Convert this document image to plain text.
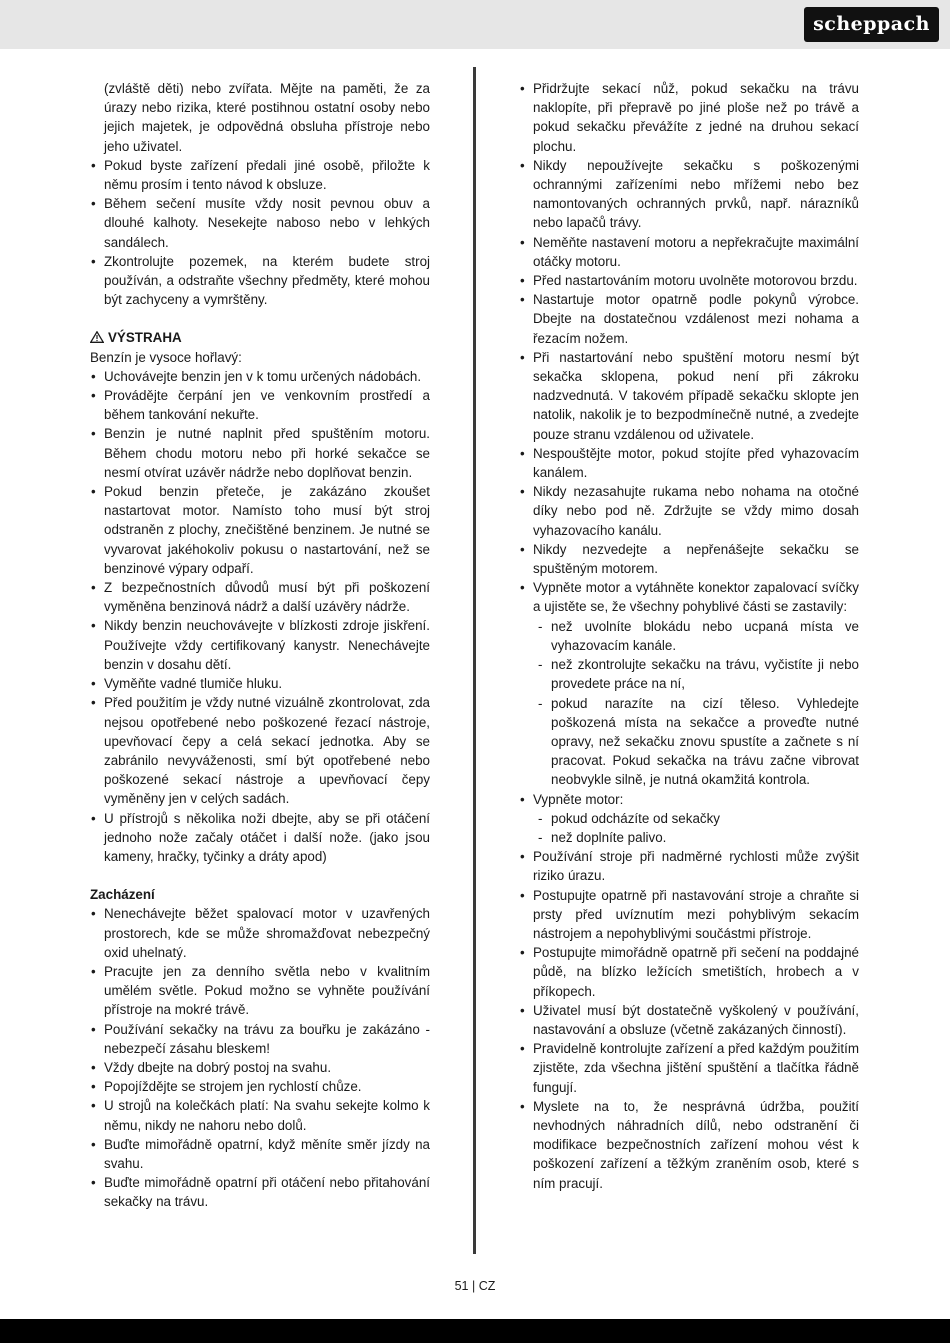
scheppach

(zvláště děti) nebo zvířata. Mějte na paměti, že za úrazy nebo rizika, které postihnou ostatní osoby nebo jejich majetek, je odpovědná obsluha přístroje nebo jeho uživatel.

• Pokud byste zařízení předali jiné osobě, přiložte k němu prosím i tento návod k obsluze.

• Během sečení musíte vždy nosit pevnou obuv a dlouhé kalhoty. Nesekejte naboso nebo v lehkých sandálech.

• Zkontrolujte pozemek, na kterém budete stroj používán, a odstraňte všechny předměty, které mohou být zachyceny a vymrštěny.

VÝSTRAHA

Benzín je vysoce hořlavý:

• Uchovávejte benzin jen v k tomu určených nádobách.

• Provádějte čerpání jen ve venkovním prostředí a během tankování nekuřte.

• Benzin je nutné naplnit před spuštěním motoru. Během chodu motoru nebo při horké sekačce se nesmí otvírat uzávěr nádrže nebo doplňovat benzin.

• Pokud benzin přeteče, je zakázáno zkoušet nastartovat motor. Namísto toho musí být stroj odstraněn z plochy, znečištěné benzinem. Je nutné se vyvarovat jakéhokoliv pokusu o nastartování, než se benzinové výpary odpaří.

• Z bezpečnostních důvodů musí být při poškození vyměněna benzinová nádrž a další uzávěry nádrže.

• Nikdy benzin neuchovávejte v blízkosti zdroje jiskření. Používejte vždy certifikovaný kanystr. Nenechávejte benzin v dosahu dětí.

• Vyměňte vadné tlumiče hluku.

• Před použitím je vždy nutné vizuálně zkontrolovat, zda nejsou opotřebené nebo poškozené řezací nástroje, upevňovací čepy a celá sekací jednotka. Aby se zabránilo nevyváženosti, smí být opotřebené nebo poškozené sekací nástroje a upevňovací čepy vyměněny jen v celých sadách.

• U přístrojů s několika noži dbejte, aby se při otáčení jednoho nože začaly otáčet i další nože. (jako jsou kameny, hračky, tyčinky a dráty apod)

Zacházení

• Nenechávejte běžet spalovací motor v uzavřených prostorech, kde se může shromažďovat nebezpečný oxid uhelnatý.

• Pracujte jen za denního světla nebo v kvalitním umělém světle. Pokud možno se vyhněte používání přístroje na mokré trávě.

• Používání sekačky na trávu za bouřku je zakázáno - nebezpečí zásahu bleskem!

• Vždy dbejte na dobrý postoj na svahu.

• Popojíždějte se strojem jen rychlostí chůze.

• U strojů na kolečkách platí: Na svahu sekejte kolmo k němu, nikdy ne nahoru nebo dolů.

• Buďte mimořádně opatrní, když měníte směr jízdy na svahu.

• Buďte mimořádně opatrní při otáčení nebo přitahování sekačky na trávu.

• Přidržujte sekací nůž, pokud sekačku na trávu naklopíte, při přepravě po jiné ploše než po trávě a pokud sekačku převážíte z jedné na druhou sekací plochu.

• Nikdy nepoužívejte sekačku s poškozenými ochrannými zařízeními nebo mřížemi nebo bez namontovaných ochranných prvků, např. nárazníků nebo lapačů trávy.

• Neměňte nastavení motoru a nepřekračujte maximální otáčky motoru.

• Před nastartováním motoru uvolněte motorovou brzdu.

• Nastartuje motor opatrně podle pokynů výrobce. Dbejte na dostatečnou vzdálenost mezi nohama a řezacím nožem.

• Při nastartování nebo spuštění motoru nesmí být sekačka sklopena, pokud není při zákroku nadzvednutá. V takovém případě sekačku sklopte jen natolik, nakolik je to bezpodmínečně nutné, a zvedejte pouze stranu vzdálenou od uživatele.

• Nespouštějte motor, pokud stojíte před vyhazovacím kanálem.

• Nikdy nezasahujte rukama nebo nohama na otočné díky nebo pod ně. Zdržujte se vždy mimo dosah vyhazovacího kanálu.

• Nikdy nezvedejte a nepřenášejte sekačku se spuštěným motorem.

• Vypněte motor a vytáhněte konektor zapalovací svíčky a ujistěte se, že všechny pohyblivé části se zastavily:

- než uvolníte blokádu nebo ucpaná místa ve vyhazovacím kanále.

- než zkontrolujte sekačku na trávu, vyčistíte ji nebo provedete práce na ní,

- pokud narazíte na cizí těleso. Vyhledejte poškozená místa na sekačce a proveďte nutné opravy, než sekačku znovu spustíte a začnete s ní pracovat. Pokud sekačka na trávu začne vibrovat neobvykle silně, je nutná okamžitá kontrola.

• Vypněte motor:

- pokud odcházíte od sekačky

- než doplníte palivo.

• Používání stroje při nadměrné rychlosti může zvýšit riziko úrazu.

• Postupujte opatrně při nastavování stroje a chraňte si prsty před uvíznutím mezi pohyblivým sekacím nástrojem a nepohyblivými součástmi přístroje.

• Postupujte mimořádně opatrně při sečení na poddajné půdě, na blízko ležících smetištích, hrobech a v příkopech.

• Uživatel musí být dostatečně vyškolený v používání, nastavování a obsluze (včetně zakázaných činností).

• Pravidelně kontrolujte zařízení a před každým použitím zjistěte, zda všechna jištění spuštění a tlačítka řádně fungují.

• Myslete na to, že nesprávná údržba, použití nevhodných náhradních dílů, nebo odstranění či modifikace bezpečnostních zařízení mohou vést k poškození zařízení a těžkým zraněním osob, které s ním pracují.

51 | CZ
